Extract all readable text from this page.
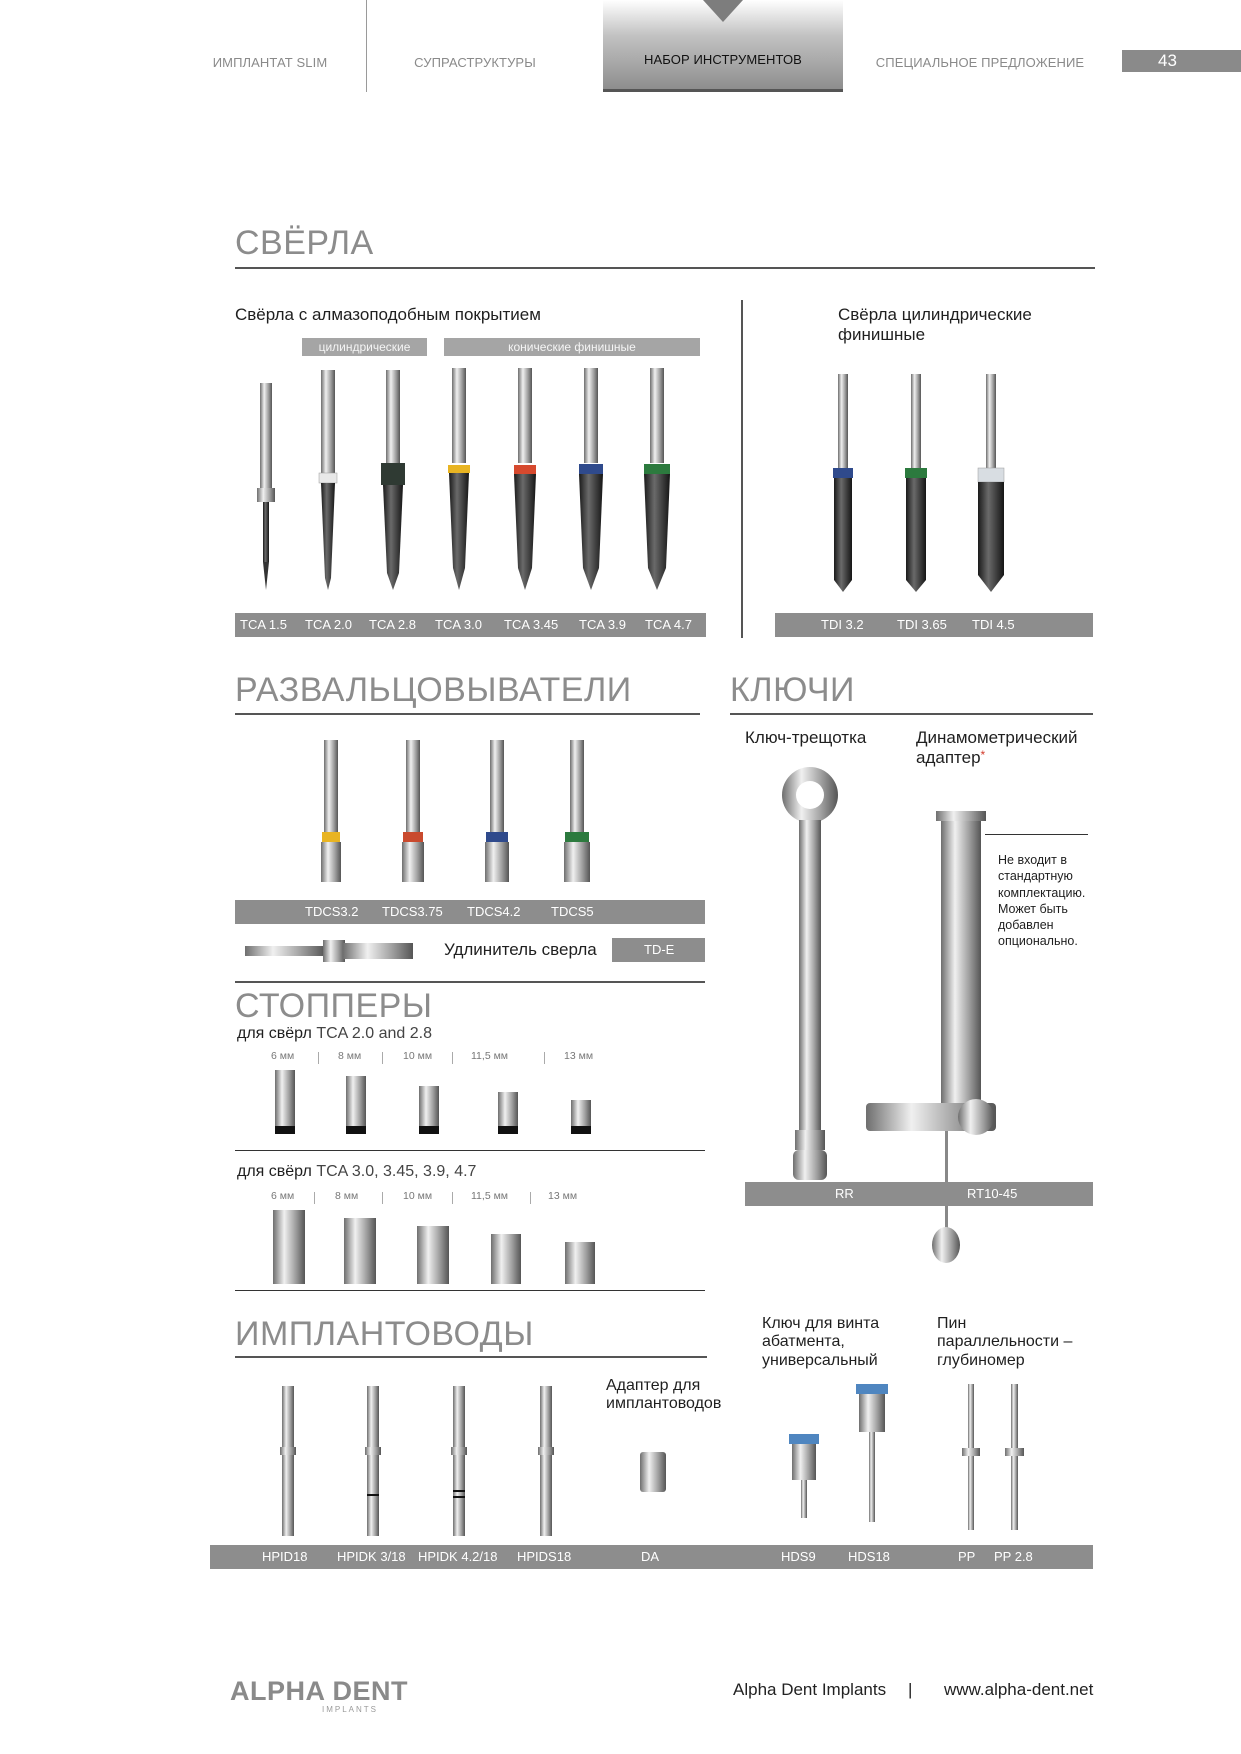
ИМПЛАНТАТ SLIM	СУПРАСТРУКТУРЫ	НАБОР ИНСТРУМЕНТОВ	СПЕЦИАЛЬНОЕ ПРЕДЛОЖЕНИЕ	43
СВЁРЛА
Свёрла с алмазоподобным покрытием
цилиндрические	конические финишные
TCA 1.5 TCA 2.0 TCA 2.8 TCA 3.0 TCA 3.45 TCA 3.9 TCA 4.7
Свёрла цилиндрические финишные
TDI 3.2	TDI 3.65 TDI 4.5
РАЗВАЛЬЦОВЫВАТЕЛИ
TDCS3.2 TDCS3.75 TDCS4.2 TDCS5
Удлинитель сверла	TD-E
СТОППЕРЫ
для свёрл TCA 2.0 and 2.8
6 мм	8 мм	10 мм	11,5 мм	13 мм
для свёрл TCA 3.0, 3.45, 3.9, 4.7
6 мм	8 мм	10 мм	11,5 мм	13 мм
КЛЮЧИ
Ключ-трещотка	Динамометрический адаптер*
Не входит в стандартную комплектацию. Может быть добавлен опционально.
RR	RT10-45
ИМПЛАНТОВОДЫ
Адаптер для имплантоводов
Ключ для винта абатмента, универсальный
Пин параллельности – глубиномер
HPID18 HPIDK 3/18 HPIDK 4.2/18 HPIDS18	DA	HDS9 HDS18	PP PP 2.8
ALPHA DENT
IMPLANTS
Alpha Dent Implants | www.alpha-dent.net
